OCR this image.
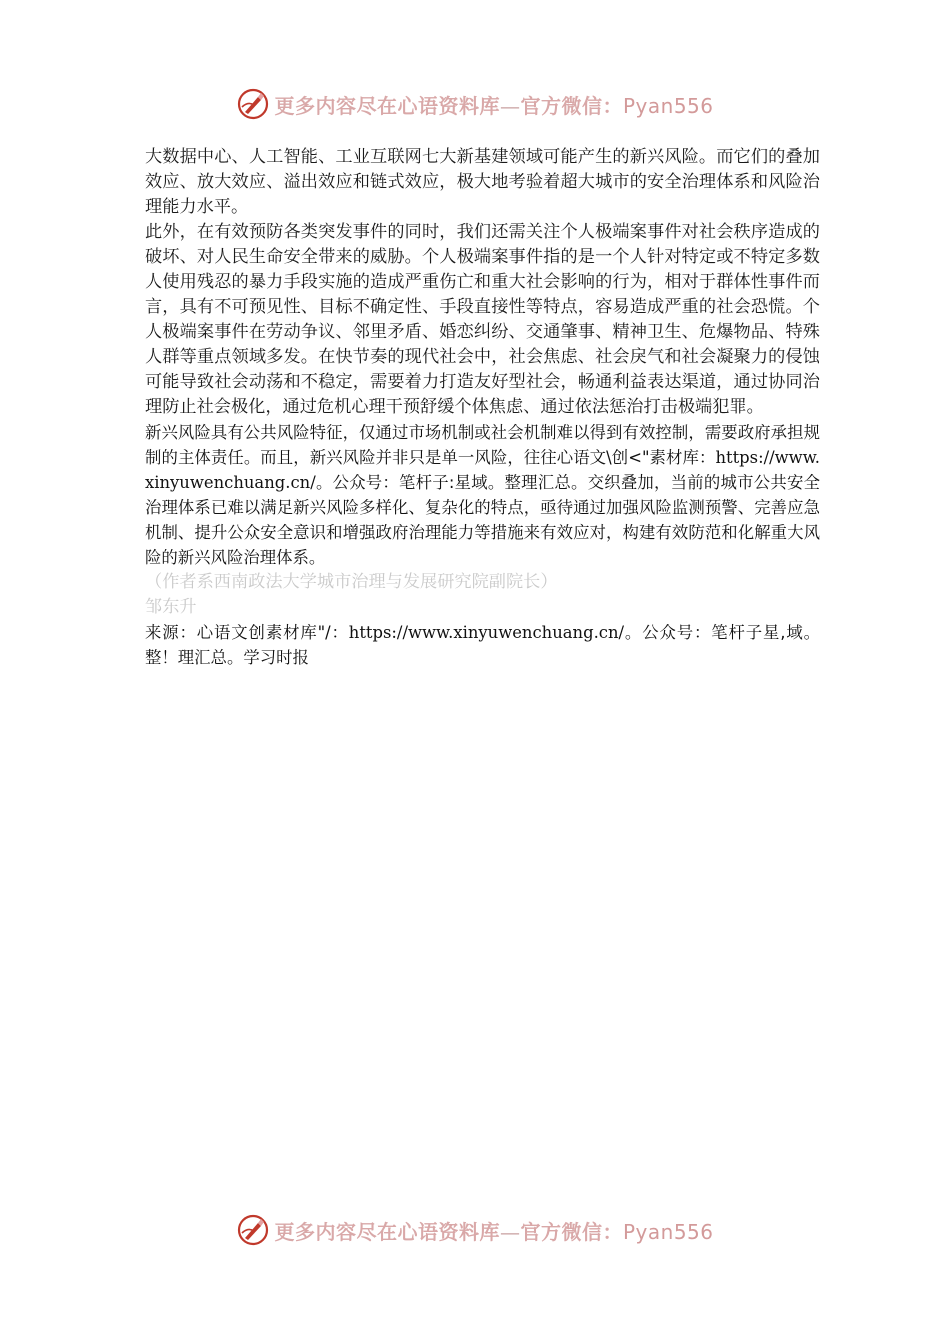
更多内容尽在心语资料库—官方微信：Pyan556

大数据中心、人工智能、工业互联网七大新基建领域可能产生的新兴风险。而它们的叠加效应、放大效应、溢出效应和链式效应，极大地考验着超大城市的安全治理体系和风险治理能力水平。

此外，在有效预防各类突发事件的同时，我们还需关注个人极端案事件对社会秩序造成的破坏、对人民生命安全带来的威胁。个人极端案事件指的是一个人针对特定或不特定多数人使用残忍的暴力手段实施的造成严重伤亡和重大社会影响的行为，相对于群体性事件而言，具有不可预见性、目标不确定性、手段直接性等特点，容易造成严重的社会恐慌。个人极端案事件在劳动争议、邻里矛盾、婚恋纠纷、交通肇事、精神卫生、危爆物品、特殊人群等重点领域多发。在快节奏的现代社会中，社会焦虑、社会戾气和社会凝聚力的侵蚀可能导致社会动荡和不稳定，需要着力打造友好型社会，畅通利益表达渠道，通过协同治理防止社会极化，通过危机心理干预舒缓个体焦虑、通过依法惩治打击极端犯罪。

新兴风险具有公共风险特征，仅通过市场机制或社会机制难以得到有效控制，需要政府承担规制的主体责任。而且，新兴风险并非只是单一风险，往往心语文\创<"素材库：https://www.xinyuwenchuang.cn/。公众号：笔杆子:星域。整理汇总。交织叠加，当前的城市公共安全治理体系已难以满足新兴风险多样化、复杂化的特点，亟待通过加强风险监测预警、完善应急机制、提升公众安全意识和增强政府治理能力等措施来有效应对，构建有效防范和化解重大风险的新兴风险治理体系。

（作者系西南政法大学城市治理与发展研究院副院长）

邹东升

来源：心语文创素材库"/：https://www.xinyuwenchuang.cn/。公众号：笔杆子星,域。整！理汇总。学习时报

更多内容尽在心语资料库—官方微信：Pyan556
